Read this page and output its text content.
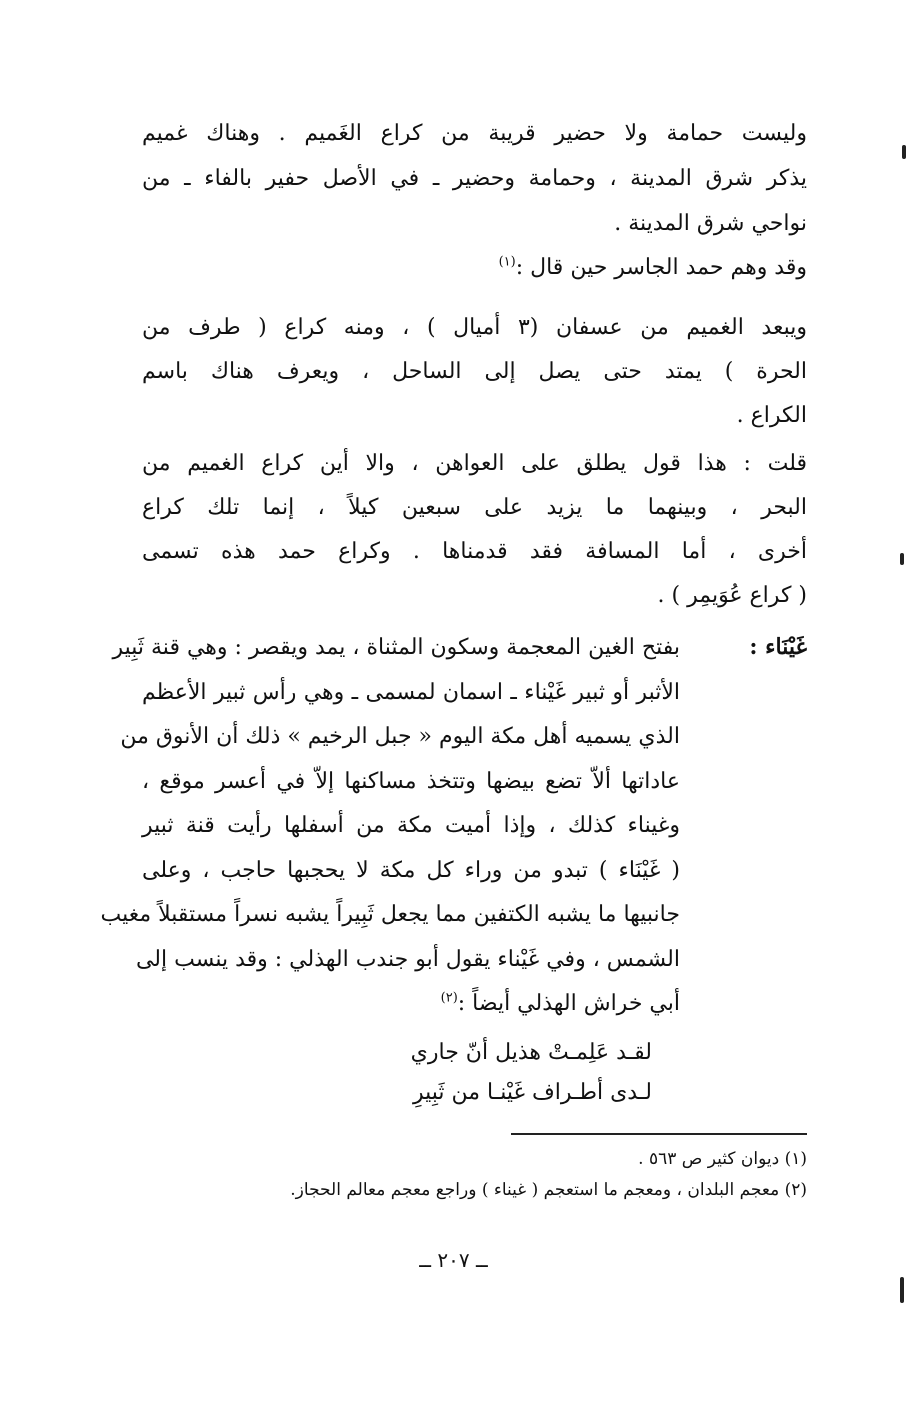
وليست حمامة ولا حضير قريبة من كراع الغَميم . وهناك غميم
يذكر شرق المدينة ، وحمامة وحضير ـ في الأصل حفير بالفاء ـ من
نواحي شرق المدينة .
وقد وهم حمد الجاسر حين قال :$^{(١)}$
ويبعد الغميم من عسفان (٣ أميال ) ، ومنه كراع ( طرف من
الحرة ) يمتد حتى يصل إلى الساحل ، ويعرف هناك باسم
الكراع .
قلت : هذا قول يطلق على العواهن ، والا أين كراع الغميم من
البحر ، وبينهما ما يزيد على سبعين كيلاً ، إنما تلك كراع
أخرى ، أما المسافة فقد قدمناها . وكراع حمد هذه تسمى
( كراع عُوَيمِر ) .
غَيْنَاء :
بفتح الغين المعجمة وسكون المثناة ، يمد ويقصر : وهي قنة ثَبِير
الأثبر أو ثبير غَيْناء ـ اسمان لمسمى ـ وهي رأس ثبير الأعظم
الذي يسميه أهل مكة اليوم « جبل الرخيم » ذلك أن الأنوق من
عاداتها ألاّ تضع بيضها وتتخذ مساكنها إلاّ في أعسر موقع ،
وغيناء كذلك ، وإذا أميت مكة من أسفلها رأيت قنة ثبير
( غَيْنَاء ) تبدو من وراء كل مكة لا يحجبها حاجب ، وعلى
جانبيها ما يشبه الكتفين مما يجعل ثَبِيراً يشبه نسراً مستقبلاً مغيب
الشمس ، وفي غَيْناء يقول أبو جندب الهذلي : وقد ينسب إلى
أبي خراش الهذلي أيضاً :$^{(٢)}$
لقـد عَلِمـتْ هذيل أنّ جاري
لـدى أطـراف غَيْنـا من ثَبِيرِ
(١) ديوان كثير ص ٥٦٣ .
(٢) معجم البلدان ، ومعجم ما استعجم ( غيناء ) وراجع معجم معالم الحجاز.
ــ ٢٠٧ ــ
